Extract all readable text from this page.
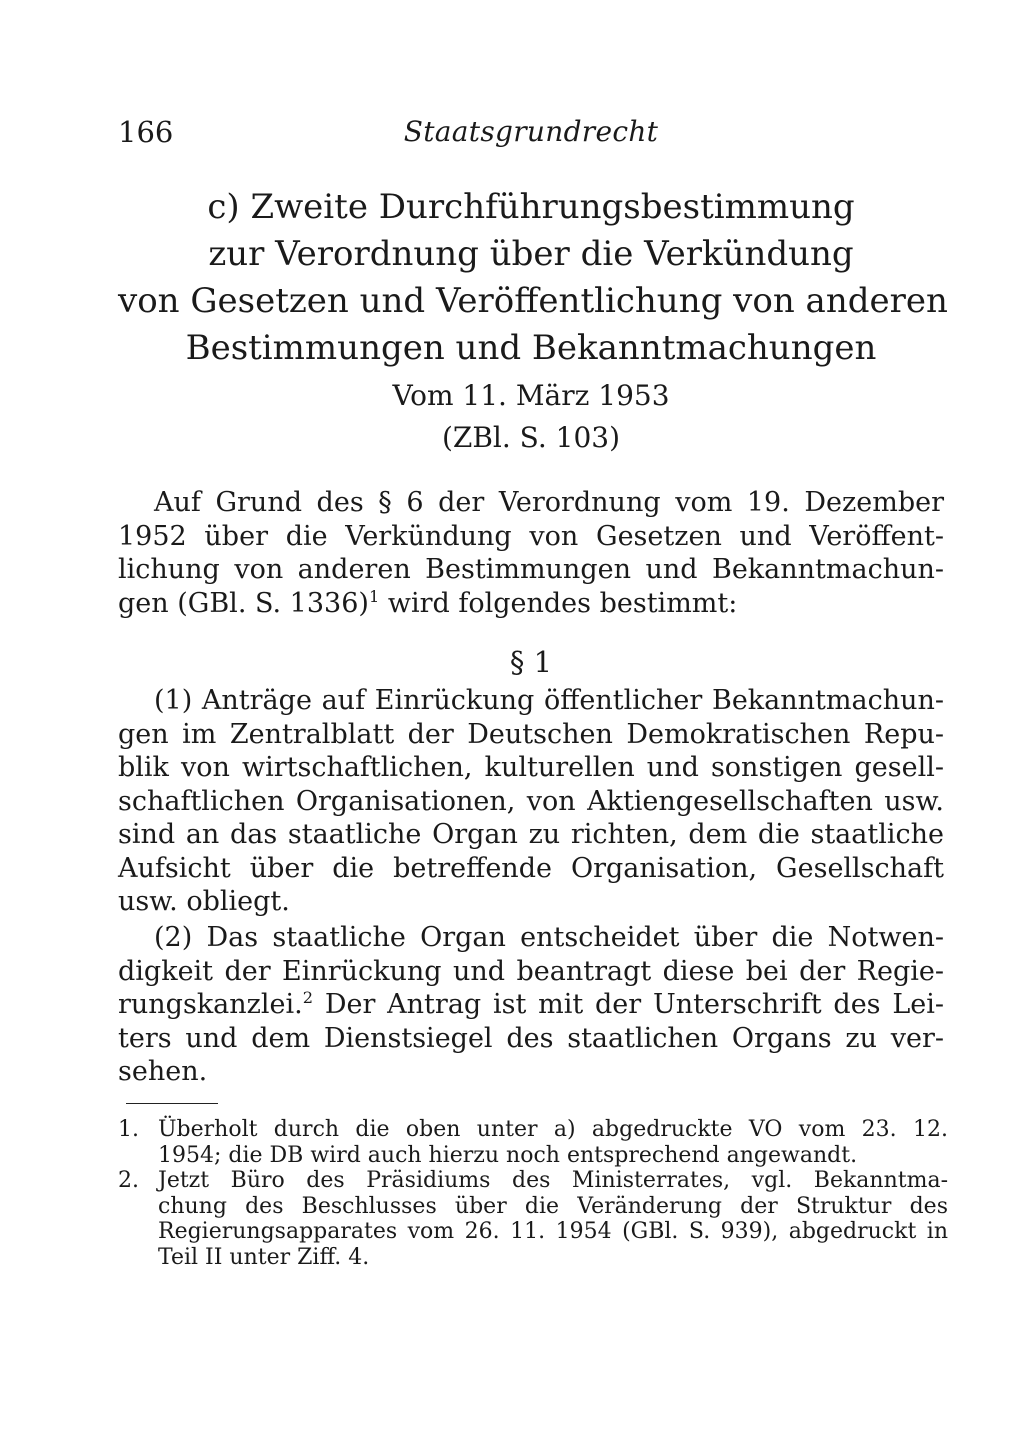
166	Staatsgrundrecht
c) Zweite Durchführungsbestimmung
zur Verordnung über die Verkündung
von Gesetzen und Veröffentlichung von anderen
Bestimmungen und Bekanntmachungen
Vom 11. März 1953
(ZBl. S. 103)
Auf Grund des § 6 der Verordnung vom 19. Dezember
1952 über die Verkündung von Gesetzen und Veröffent-
lichung von anderen Bestimmungen und Bekanntmachun-
gen (GBl. S. 1336)$^1$ wird folgendes bestimmt:
§ 1
(1) Anträge auf Einrückung öffentlicher Bekanntmachun-
gen im Zentralblatt der Deutschen Demokratischen Repu-
blik von wirtschaftlichen, kulturellen und sonstigen gesell-
schaftlichen Organisationen, von Aktiengesellschaften usw.
sind an das staatliche Organ zu richten, dem die staatliche
Aufsicht über die betreffende Organisation, Gesellschaft
usw. obliegt.
(2) Das staatliche Organ entscheidet über die Notwen-
digkeit der Einrückung und beantragt diese bei der Regie-
rungskanzlei.$^2$ Der Antrag ist mit der Unterschrift des Lei-
ters und dem Dienstsiegel des staatlichen Organs zu ver-
sehen.
1. Überholt durch die oben unter a) abgedruckte VO vom 23. 12.
1954; die DB wird auch hierzu noch entsprechend angewandt.
2. Jetzt Büro des Präsidiums des Ministerrates, vgl. Bekanntma-
chung des Beschlusses über die Veränderung der Struktur des
Regierungsapparates vom 26. 11. 1954 (GBl. S. 939), abgedruckt in
Teil II unter Ziff. 4.
